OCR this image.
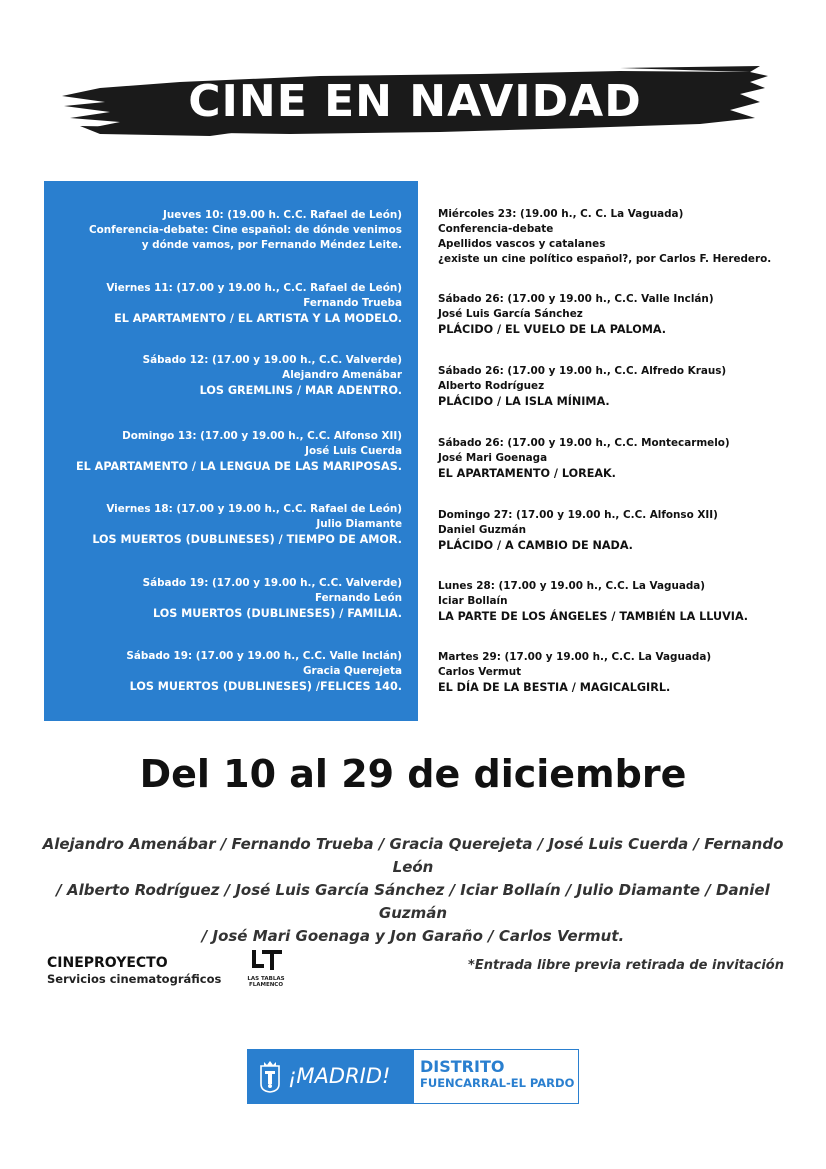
CINE EN NAVIDAD
Jueves 10: (19.00 h. C.C. Rafael de León)
Conferencia-debate: Cine español: de dónde venimos
y dónde vamos, por Fernando Méndez Leite.
Viernes 11: (17.00 y 19.00 h., C.C. Rafael de León)
Fernando Trueba
EL APARTAMENTO / EL ARTISTA Y LA MODELO.
Sábado 12: (17.00 y 19.00 h., C.C. Valverde)
Alejandro Amenábar
LOS GREMLINS / MAR ADENTRO.
Domingo 13: (17.00 y 19.00 h., C.C. Alfonso XII)
José Luis Cuerda
EL APARTAMENTO / LA LENGUA DE LAS MARIPOSAS.
Viernes 18: (17.00 y 19.00 h., C.C. Rafael de León)
Julio Diamante
LOS MUERTOS (DUBLINESES) / TIEMPO DE AMOR.
Sábado 19: (17.00 y 19.00 h., C.C. Valverde)
Fernando León
LOS MUERTOS (DUBLINESES) / FAMILIA.
Sábado 19: (17.00 y 19.00 h., C.C. Valle Inclán)
Gracia Querejeta
LOS MUERTOS (DUBLINESES) /FELICES 140.
Miércoles 23: (19.00 h., C. C. La Vaguada)
Conferencia-debate
Apellidos vascos y catalanes
¿existe un cine político español?, por Carlos F. Heredero.
Sábado 26: (17.00 y 19.00 h., C.C. Valle Inclán)
José Luis García Sánchez
PLÁCIDO / EL VUELO DE LA PALOMA.
Sábado 26: (17.00 y 19.00 h., C.C. Alfredo Kraus)
Alberto Rodríguez
PLÁCIDO / LA ISLA MÍNIMA.
Sábado 26: (17.00 y 19.00 h., C.C. Montecarmelo)
José Mari Goenaga
EL APARTAMENTO / LOREAK.
Domingo 27: (17.00 y 19.00 h., C.C. Alfonso XII)
Daniel Guzmán
PLÁCIDO / A CAMBIO DE NADA.
Lunes 28: (17.00 y 19.00 h., C.C. La Vaguada)
Iciar Bollaín
LA PARTE DE LOS ÁNGELES / TAMBIÉN LA LLUVIA.
Martes 29: (17.00 y 19.00 h., C.C. La Vaguada)
Carlos Vermut
EL DÍA DE LA BESTIA / MAGICALGIRL.
Del 10 al 29 de diciembre
Alejandro Amenábar / Fernando Trueba / Gracia Querejeta / José Luis Cuerda / Fernando León
/ Alberto Rodríguez / José Luis García Sánchez / Iciar Bollaín / Julio Diamante / Daniel Guzmán
/ José Mari Goenaga y Jon Garaño / Carlos Vermut.
CINEPROYECTO
Servicios cinematográficos	LAS TABLAS
FLAMENCO
*Entrada libre previa retirada de invitación
¡MADRID! DISTRITO
FUENCARRAL-EL PARDO
